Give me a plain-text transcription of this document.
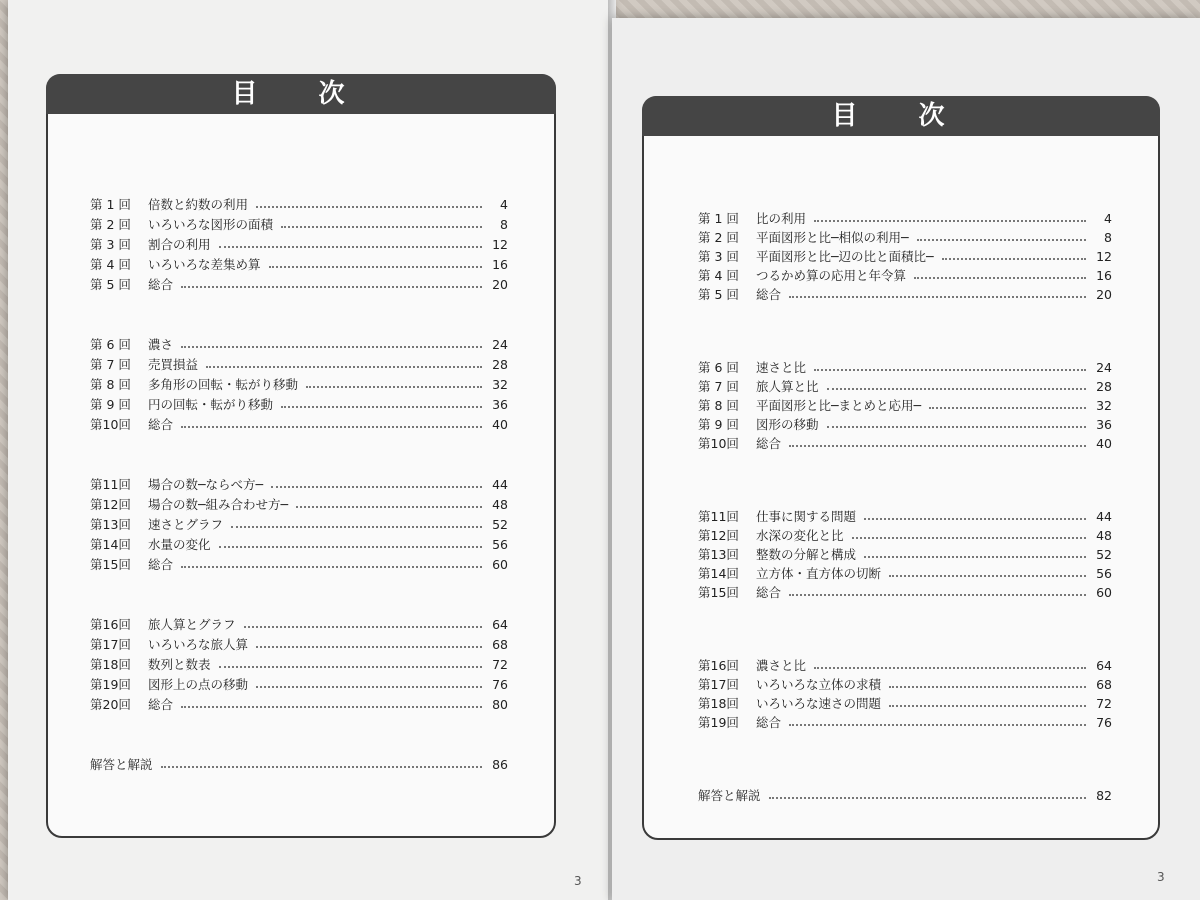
目 次
第 1 回	倍数と約数の利用	4
第 2 回	いろいろな図形の面積	8
第 3 回	割合の利用	12
第 4 回	いろいろな差集め算	16
第 5 回	総合	20
第 6 回	濃さ	24
第 7 回	売買損益	28
第 8 回	多角形の回転・転がり移動	32
第 9 回	円の回転・転がり移動	36
第10回	総合	40
第11回	場合の数─ならべ方─	44
第12回	場合の数─組み合わせ方─	48
第13回	速さとグラフ	52
第14回	水量の変化	56
第15回	総合	60
第16回	旅人算とグラフ	64
第17回	いろいろな旅人算	68
第18回	数列と数表	72
第19回	図形上の点の移動	76
第20回	総合	80
解答と解説	86
3
目 次
第 1 回	比の利用	4
第 2 回	平面図形と比─相似の利用─	8
第 3 回	平面図形と比─辺の比と面積比─	12
第 4 回	つるかめ算の応用と年令算	16
第 5 回	総合	20
第 6 回	速さと比	24
第 7 回	旅人算と比	28
第 8 回	平面図形と比─まとめと応用─	32
第 9 回	図形の移動	36
第10回	総合	40
第11回	仕事に関する問題	44
第12回	水深の変化と比	48
第13回	整数の分解と構成	52
第14回	立方体・直方体の切断	56
第15回	総合	60
第16回	濃さと比	64
第17回	いろいろな立体の求積	68
第18回	いろいろな速さの問題	72
第19回	総合	76
解答と解説	82
3
